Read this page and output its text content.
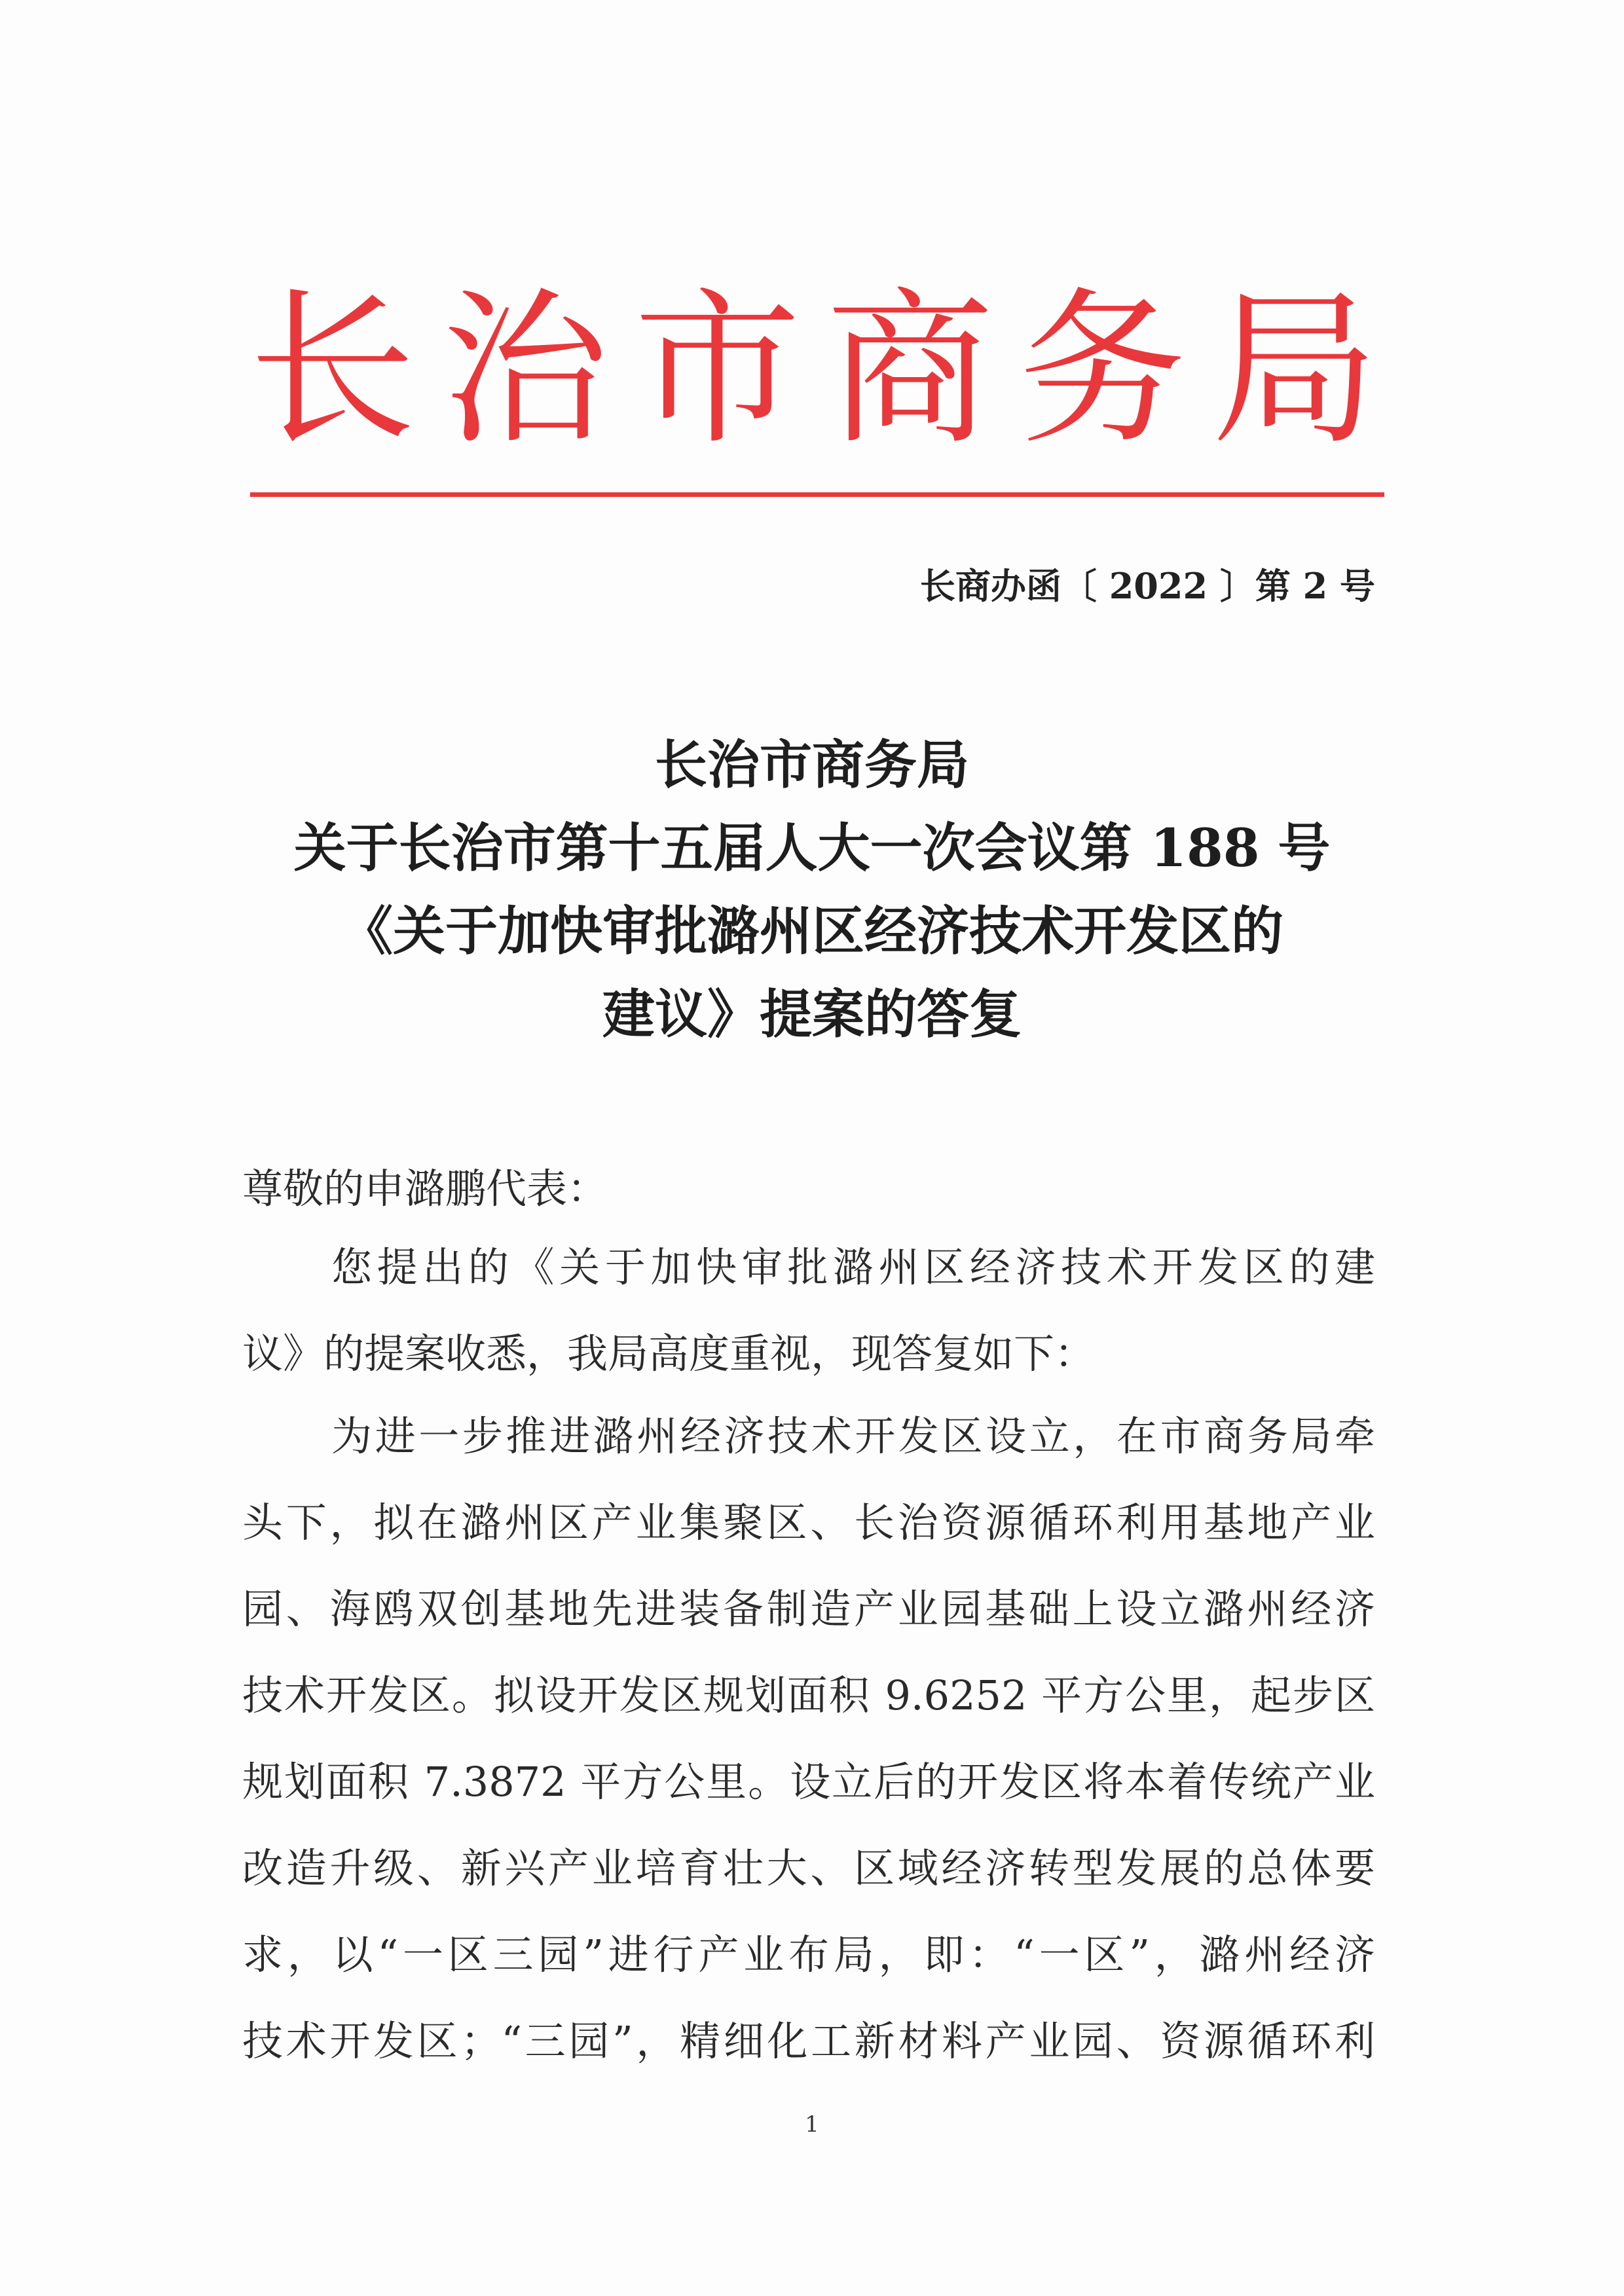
长 治 市 商 务 局
长商办函〔 2022 〕第 2 号
长治市商务局
关于长治市第十五届人大一次会议第 188 号
《关于加快审批潞州区经济技术开发区的
建议》提案的答复
尊敬的申潞鹏代表：
您提出的《关于加快审批潞州区经济技术开发区的建
议》的提案收悉，我局高度重视，现答复如下：
为进一步推进潞州经济技术开发区设立，在市商务局牵
头下，拟在潞州区产业集聚区、长治资源循环利用基地产业
园、海鸥双创基地先进装备制造产业园基础上设立潞州经济
技术开发区。拟设开发区规划面积 9.6252 平方公里，起步区
规划面积 7.3872 平方公里。设立后的开发区将本着传统产业
改造升级、新兴产业培育壮大、区域经济转型发展的总体要
求，以“一区三园”进行产业布局，即：“一区”，潞州经济
技术开发区；“三园”，精细化工新材料产业园、资源循环利
1
